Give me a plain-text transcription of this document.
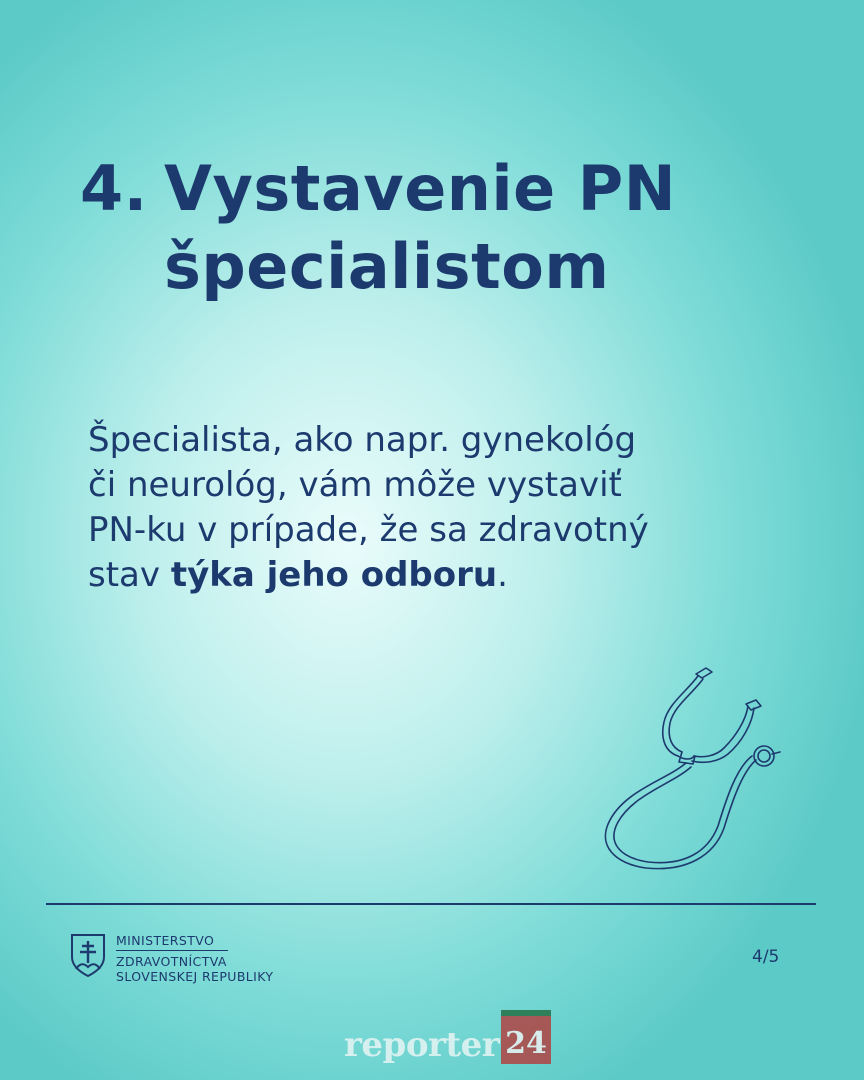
4. Vystavenie PN
špecialistom
Špecialista, ako napr. gynekológ
či neurológ, vám môže vystaviť
PN-ku v prípade, že sa zdravotný
stav týka jeho odboru.
MINISTERSTVO
ZDRAVOTNÍCTVA
SLOVENSKEJ REPUBLIKY
4/5
reporter 24
